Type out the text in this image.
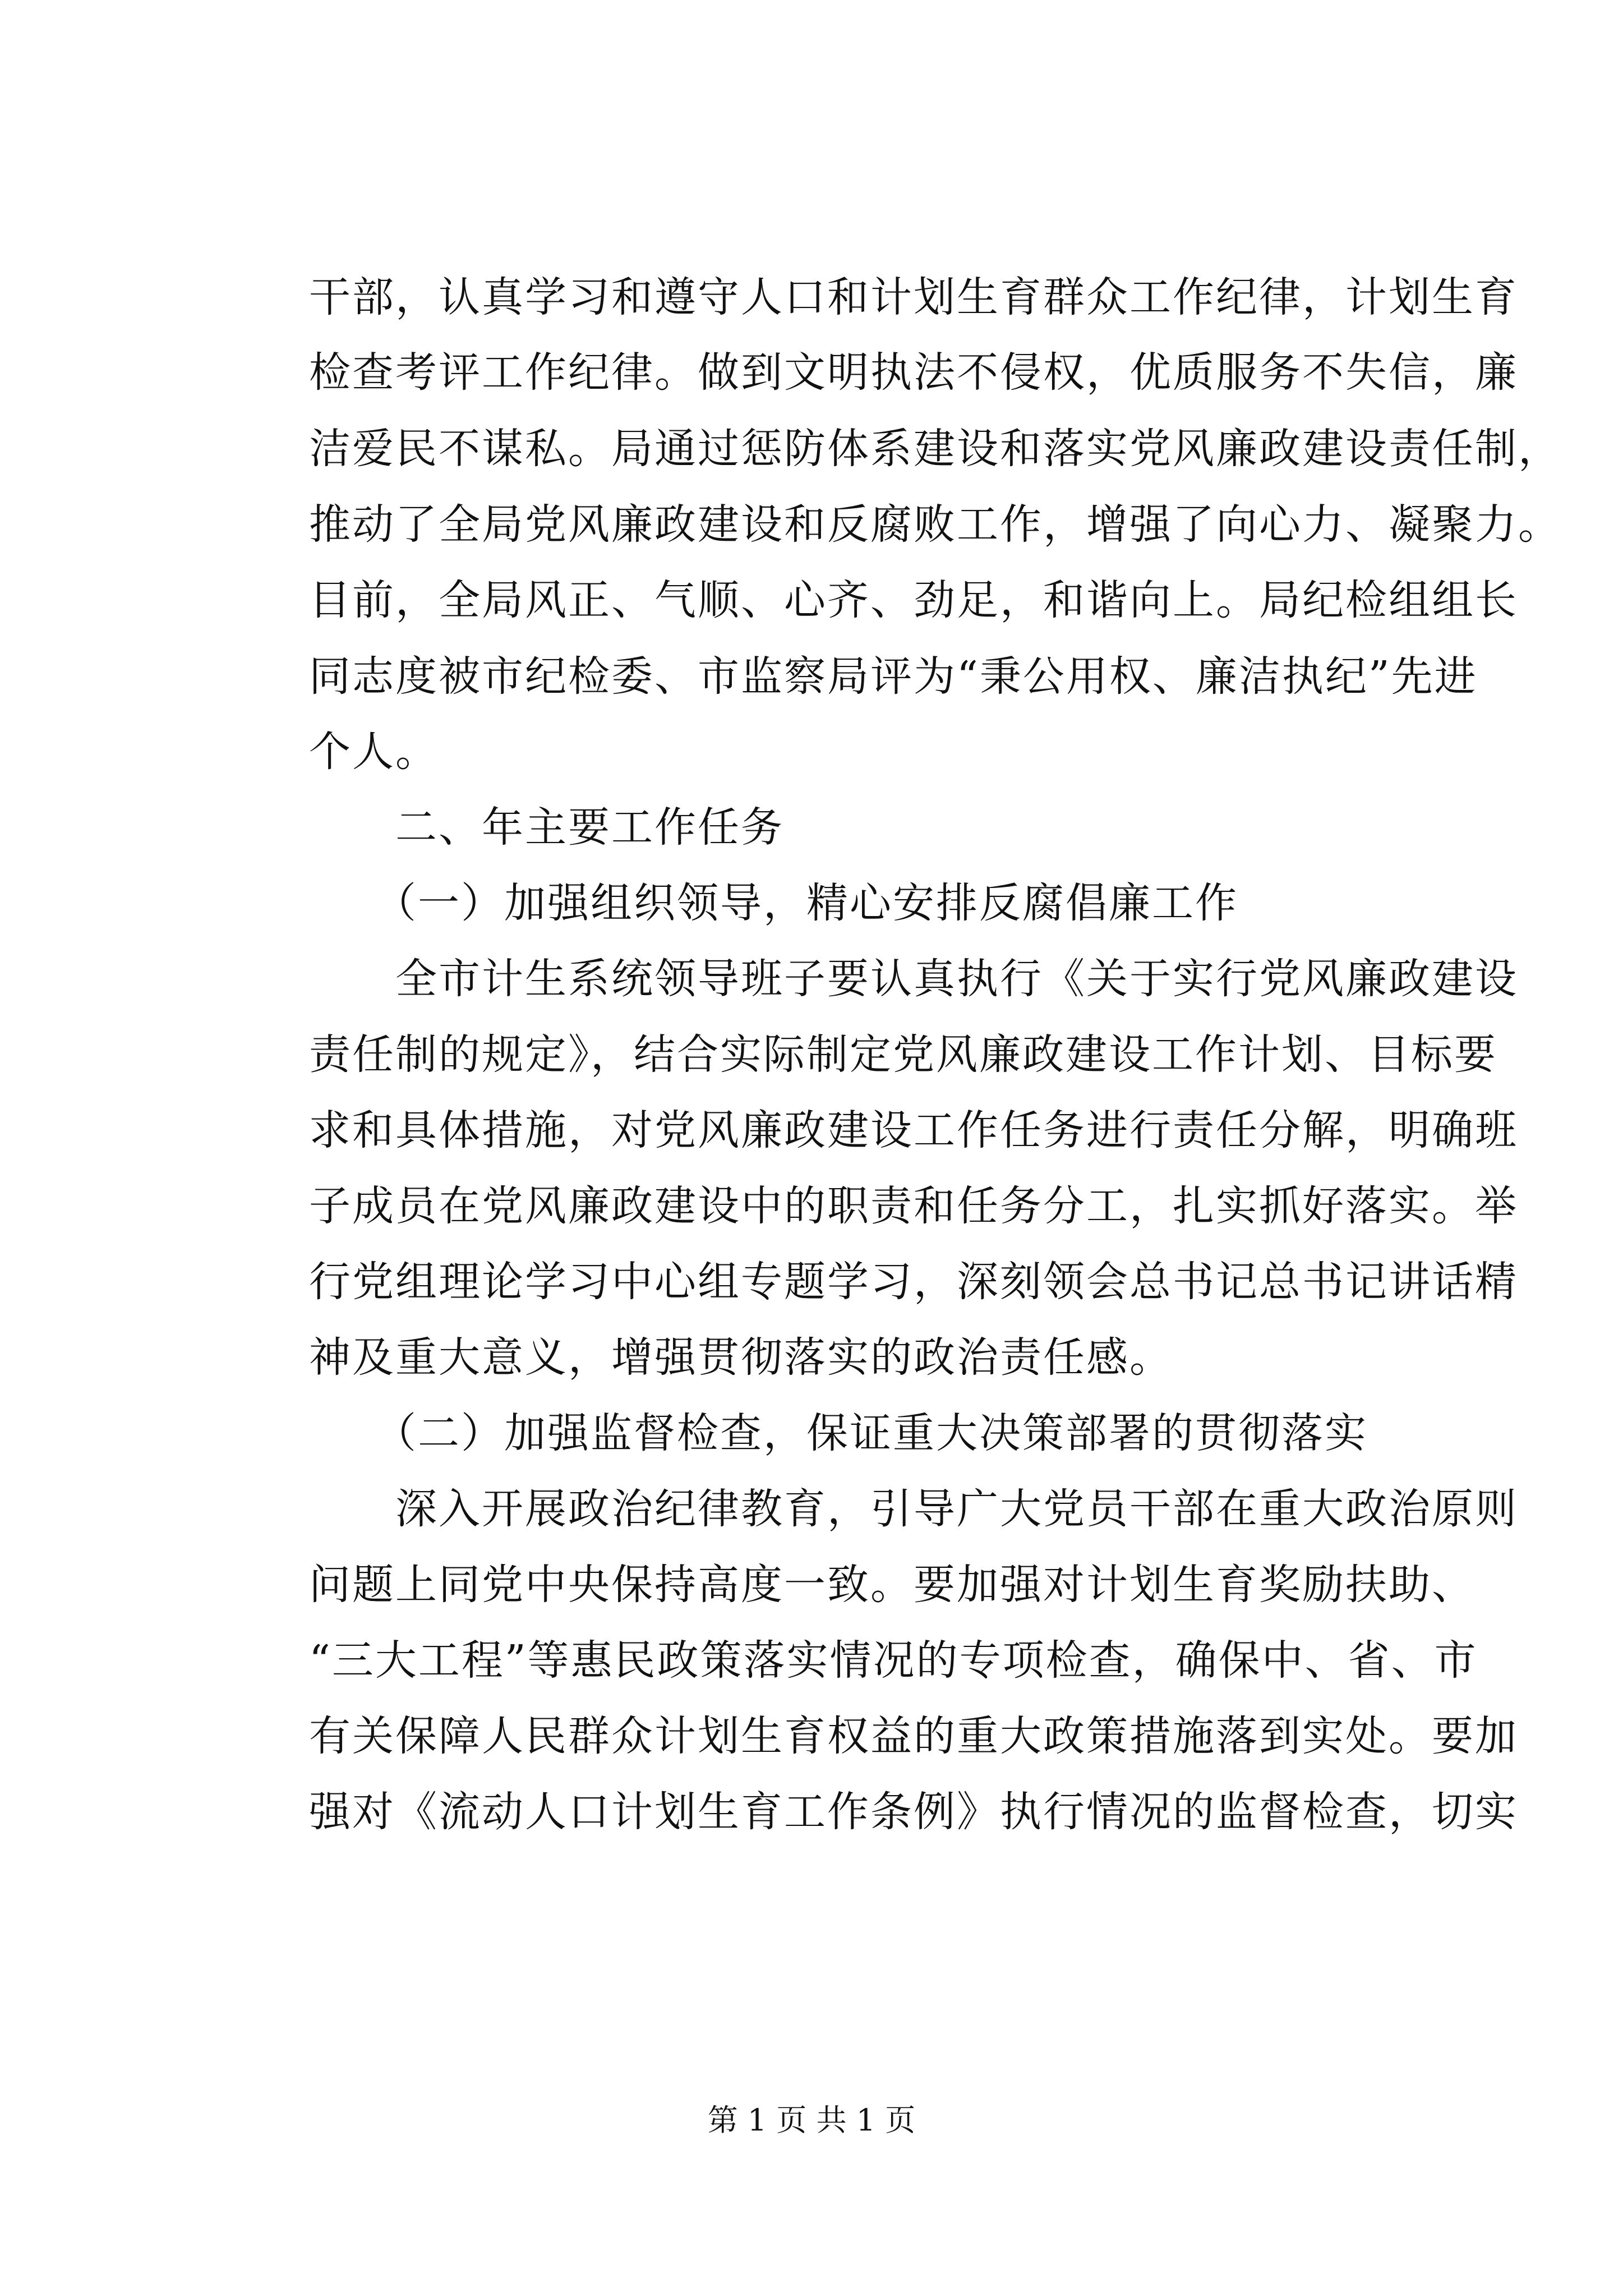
干部，认真学习和遵守人口和计划生育群众工作纪律，计划生育
检查考评工作纪律。做到文明执法不侵权，优质服务不失信，廉
洁爱民不谋私。局通过惩防体系建设和落实党风廉政建设责任制，
推动了全局党风廉政建设和反腐败工作，增强了向心力、凝聚力。
目前，全局风正、气顺、心齐、劲足，和谐向上。局纪检组组长
同志度被市纪检委、市监察局评为“秉公用权、廉洁执纪”先进
个人。
　　二、年主要工作任务
　　（一）加强组织领导，精心安排反腐倡廉工作
　　全市计生系统领导班子要认真执行《关于实行党风廉政建设
责任制的规定》，结合实际制定党风廉政建设工作计划、目标要
求和具体措施，对党风廉政建设工作任务进行责任分解，明确班
子成员在党风廉政建设中的职责和任务分工，扎实抓好落实。举
行党组理论学习中心组专题学习，深刻领会总书记总书记讲话精
神及重大意义，增强贯彻落实的政治责任感。
　　（二）加强监督检查，保证重大决策部署的贯彻落实
　　深入开展政治纪律教育，引导广大党员干部在重大政治原则
问题上同党中央保持高度一致。要加强对计划生育奖励扶助、
“三大工程”等惠民政策落实情况的专项检查，确保中、省、市
有关保障人民群众计划生育权益的重大政策措施落到实处。要加
强对《流动人口计划生育工作条例》执行情况的监督检查，切实
第 1 页 共 1 页
